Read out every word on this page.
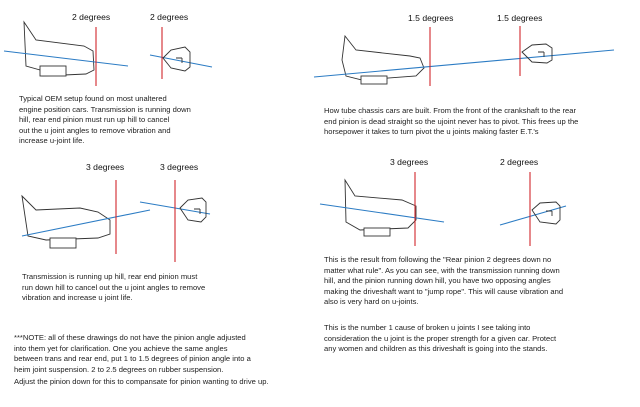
2 degrees	2 degrees	1.5 degrees	1.5 degrees
3 degrees	3 degrees	3 degrees	2 degrees
Typical OEM setup found on most unaltered
engine position cars. Transmission is running down
hill, rear end pinion must run up hill to cancel
out the u joint angles to remove vibration and
increase u-joint life.
How tube chassis cars are built. From the front of the crankshaft to the rear
end pinion is dead straight so the ujoint never has to pivot. This frees up the
horsepower it takes to turn pivot the u joints making faster E.T.'s
Transmission is running up hill, rear end pinion must
run down hill to cancel out the u joint angles to remove
vibration and increase u joint life.
This is the result from following the "Rear pinion 2 degrees down no
matter what rule". As you can see, with the transmission running down
hill, and the pinion running down hill, you have two opposing angles
making the driveshaft want to "jump rope". This will cause vibration and
also is very hard on u-joints.
***NOTE: all of these drawings do not have the pinion angle adjusted
into them yet for clarification. One you achieve the same angles
between trans and rear end, put 1 to 1.5 degrees of pinion angle into a
heim joint suspension. 2 to 2.5 degrees on rubber suspension.
Adjust the pinion down for this to compansate for pinion wanting to drive up.
This is the number 1 cause of broken u joints I see taking into
consideration the u joint is the proper strength for a given car. Protect
any women and children as this driveshaft is going into the stands.
